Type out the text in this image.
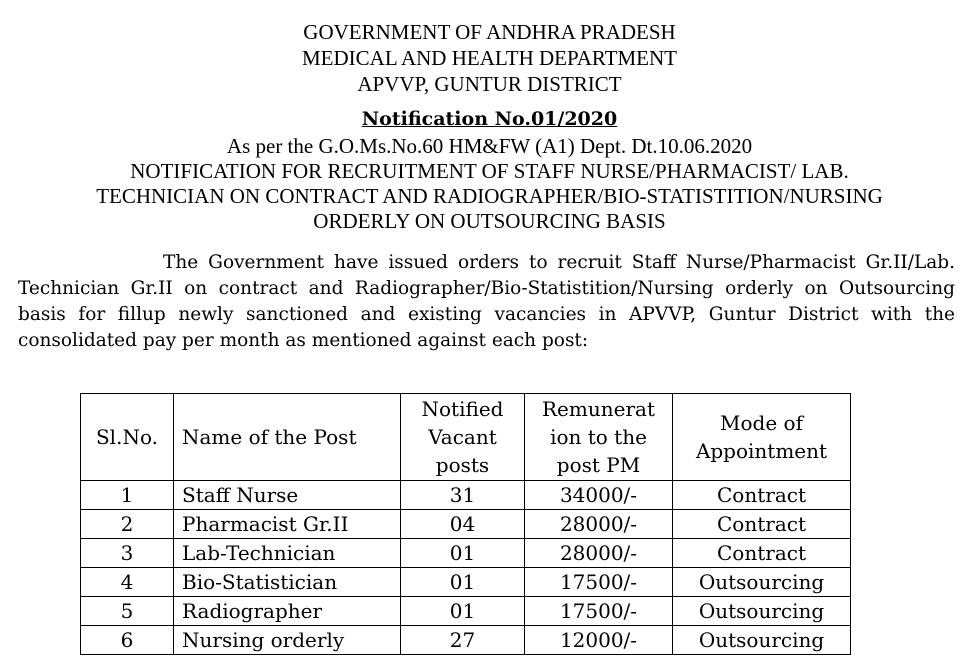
GOVERNMENT OF ANDHRA PRADESH
MEDICAL AND HEALTH DEPARTMENT
APVVP, GUNTUR DISTRICT
Notification No.01/2020
As per the G.O.Ms.No.60 HM&FW (A1) Dept. Dt.10.06.2020
NOTIFICATION FOR RECRUITMENT OF STAFF NURSE/PHARMACIST/ LAB.
TECHNICIAN ON CONTRACT AND RADIOGRAPHER/BIO-STATISTITION/NURSING
ORDERLY ON OUTSOURCING BASIS
The Government have issued orders to recruit Staff Nurse/Pharmacist Gr.II/Lab. Technician Gr.II on contract and Radiographer/Bio-Statistition/Nursing orderly on Outsourcing basis for fillup newly sanctioned and existing vacancies in APVVP, Guntur District with the consolidated pay per month as mentioned against each post:
Sl.No.	Name of the Post	Notified Vacant posts	Remunerat ion to the post PM	Mode of Appointment
1	Staff Nurse	31	34000/-	Contract
2	Pharmacist Gr.II	04	28000/-	Contract
3	Lab-Technician	01	28000/-	Contract
4	Bio-Statistician	01	17500/-	Outsourcing
5	Radiographer	01	17500/-	Outsourcing
6	Nursing orderly	27	12000/-	Outsourcing
